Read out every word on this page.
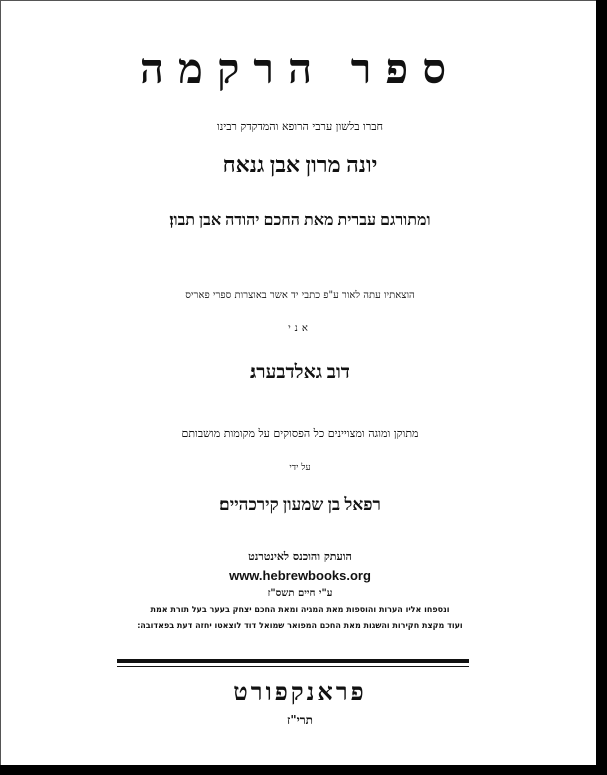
ספר הרקמה
חברו בלשון ערבי הרופא והמדקדק רבינו
יונה מרון אבן גנאח
ומתורגם עברית מאת החכם יהודה אבן תבון׃
הוצאתיו עתה לאור ע"פ כתבי יד אשר באוצרות ספרי פאריס
אני
דוב גאלדבערג׃
מתוקן ומוגה ומצויינים כל הפסוקים על מקומות מושבותם
על ידי
רפאל בן שמעון קירכהיים׃
הועתק והוכנס לאינטרנט
www.hebrewbooks.org
ע"י חיים תשס"ז
ונספחו אליו הערות והוספות מאת המגיה ומאת החכם יצחק בעער בעל תורת אמת
ועוד מקצת חקירות והשגות מאת החכם המפואר שמואל דוד לוצאטו יחזה דעת בפאדובה׃
פראנקפורט
תרי"ז
